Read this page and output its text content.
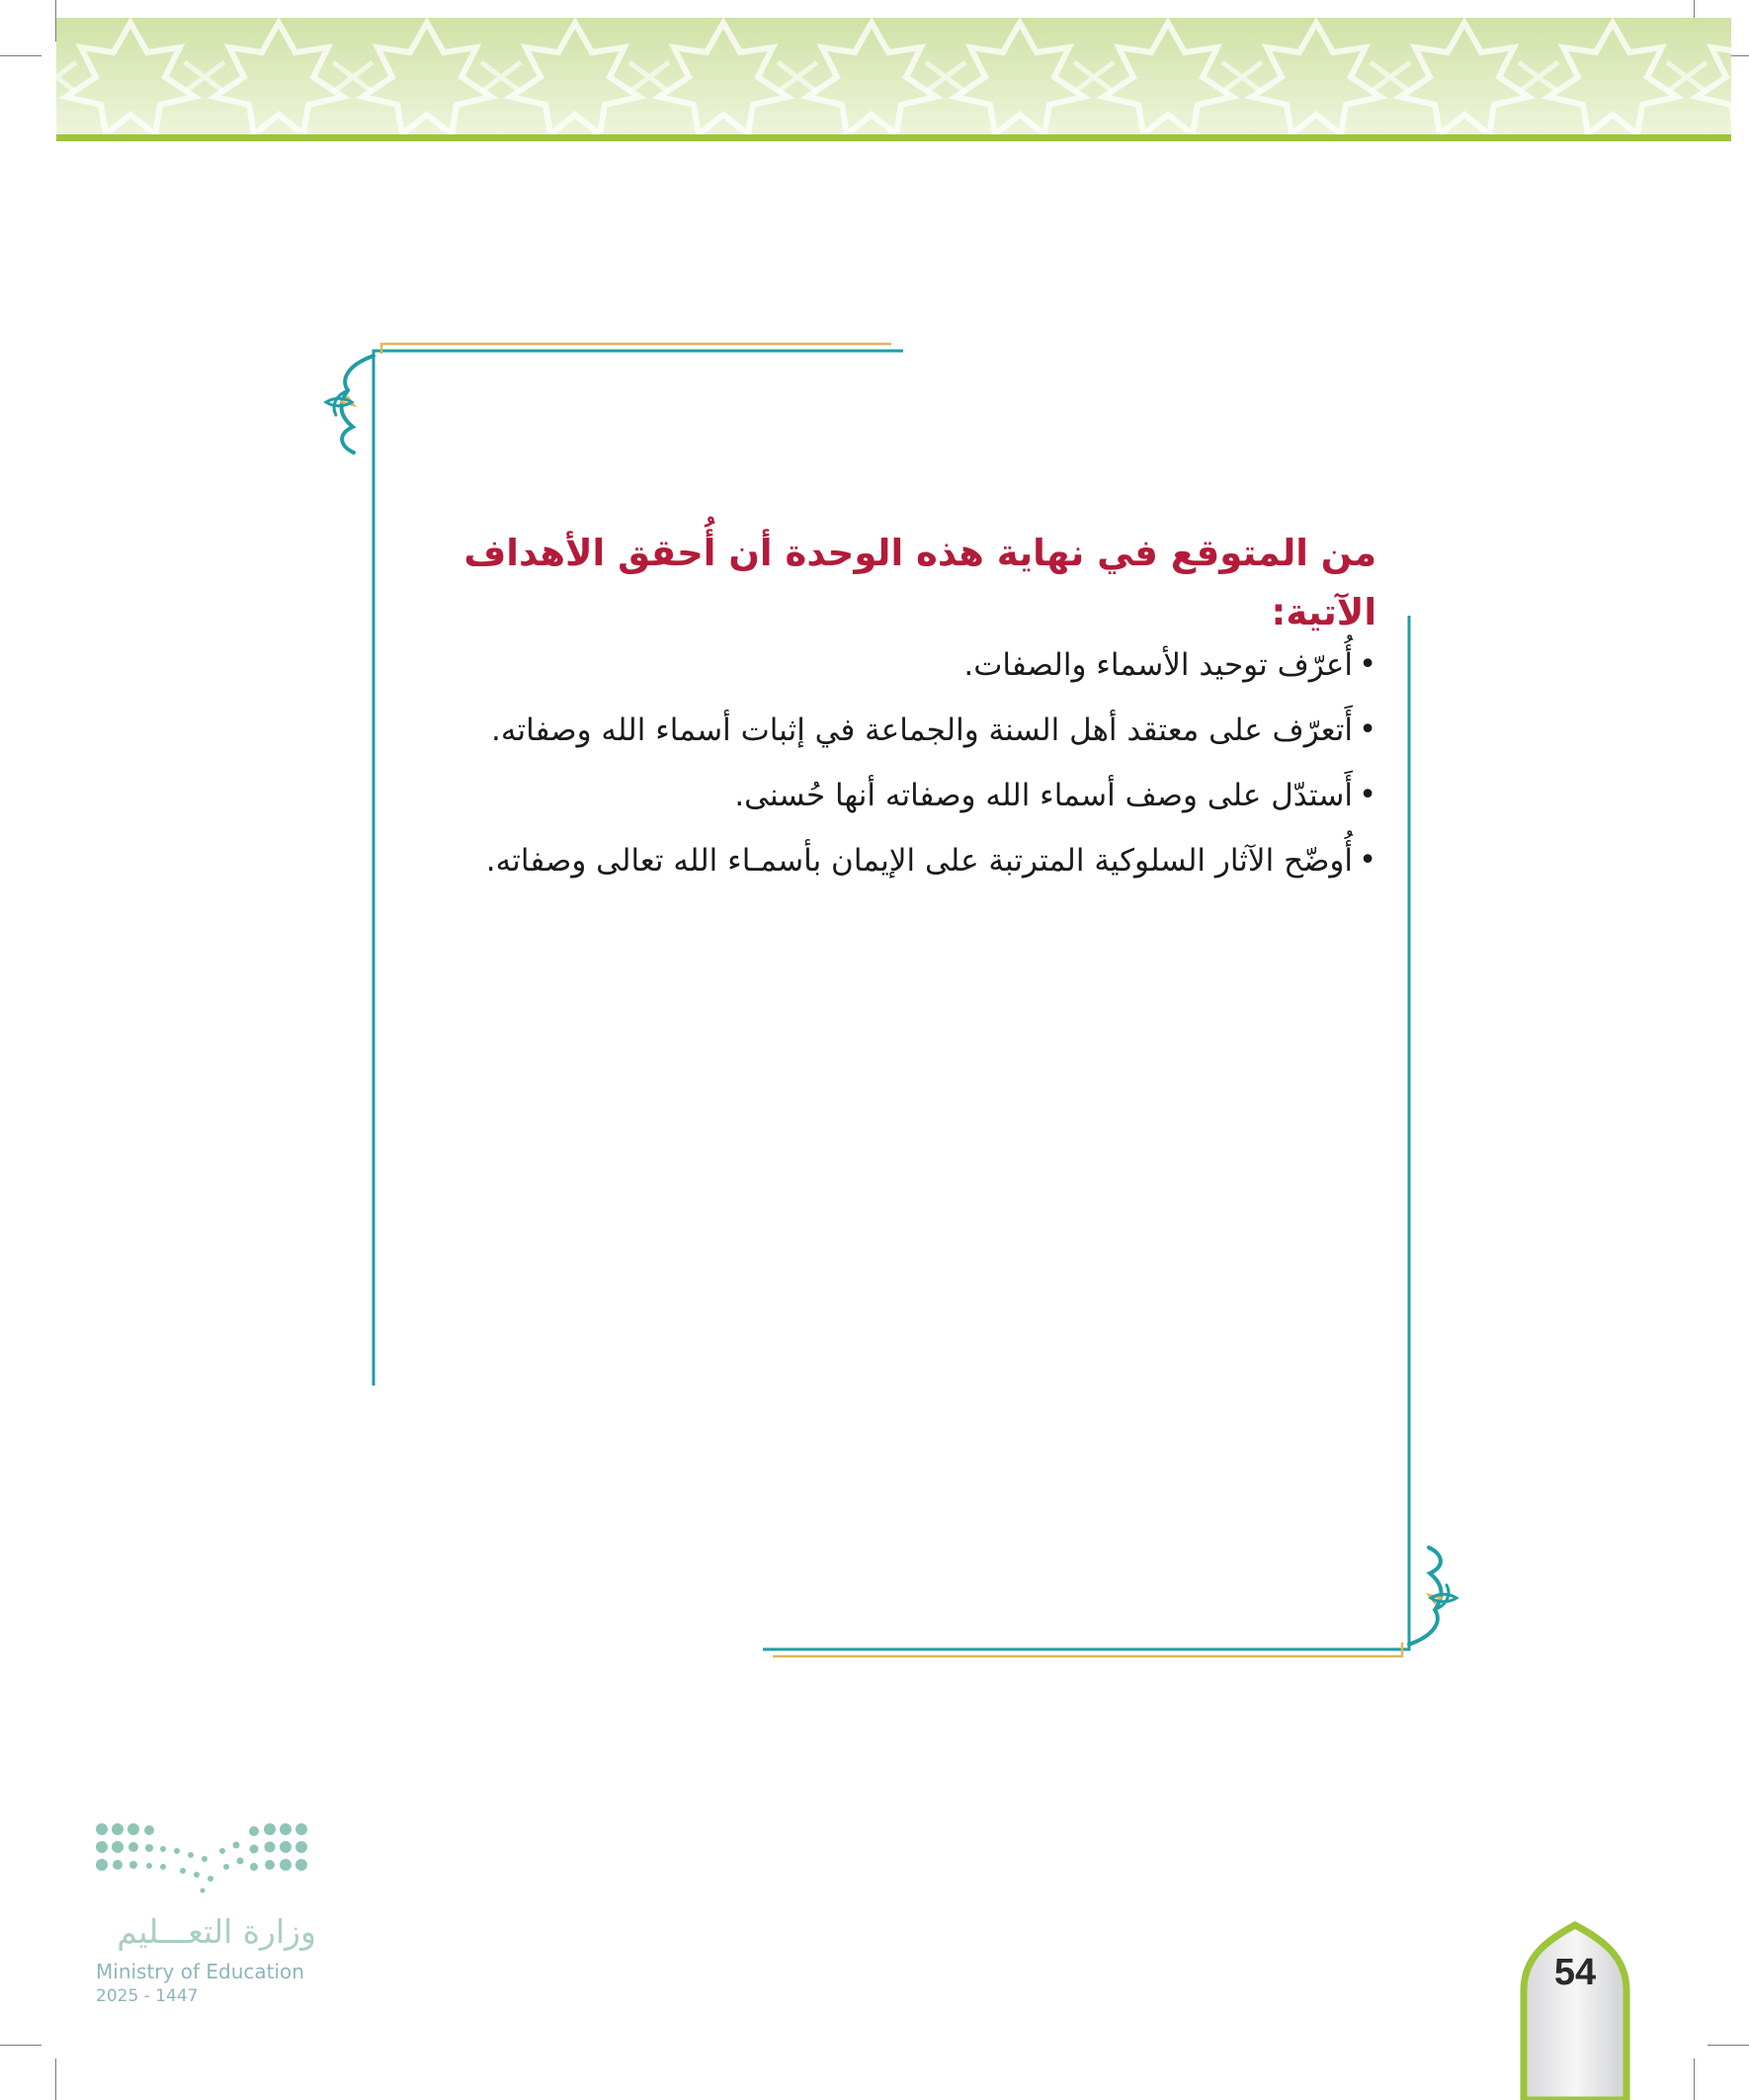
من المتوقع في نهاية هذه الوحدة أن أُحقق الأهداف الآتية:
•
أُعرّف توحيد الأسماء والصفات.
•
أَتعرّف على معتقد أهل السنة والجماعة في إثبات أسماء الله وصفاته.
•
أَستدّل على وصف أسماء الله وصفاته أنها حُسنى.
•
أُوضّح الآثار السلوكية المترتبة على الإيمان بأسمـاء الله تعالى وصفاته.

وزارة التعـــليم

Ministry of Education

2025 - 1447

54
